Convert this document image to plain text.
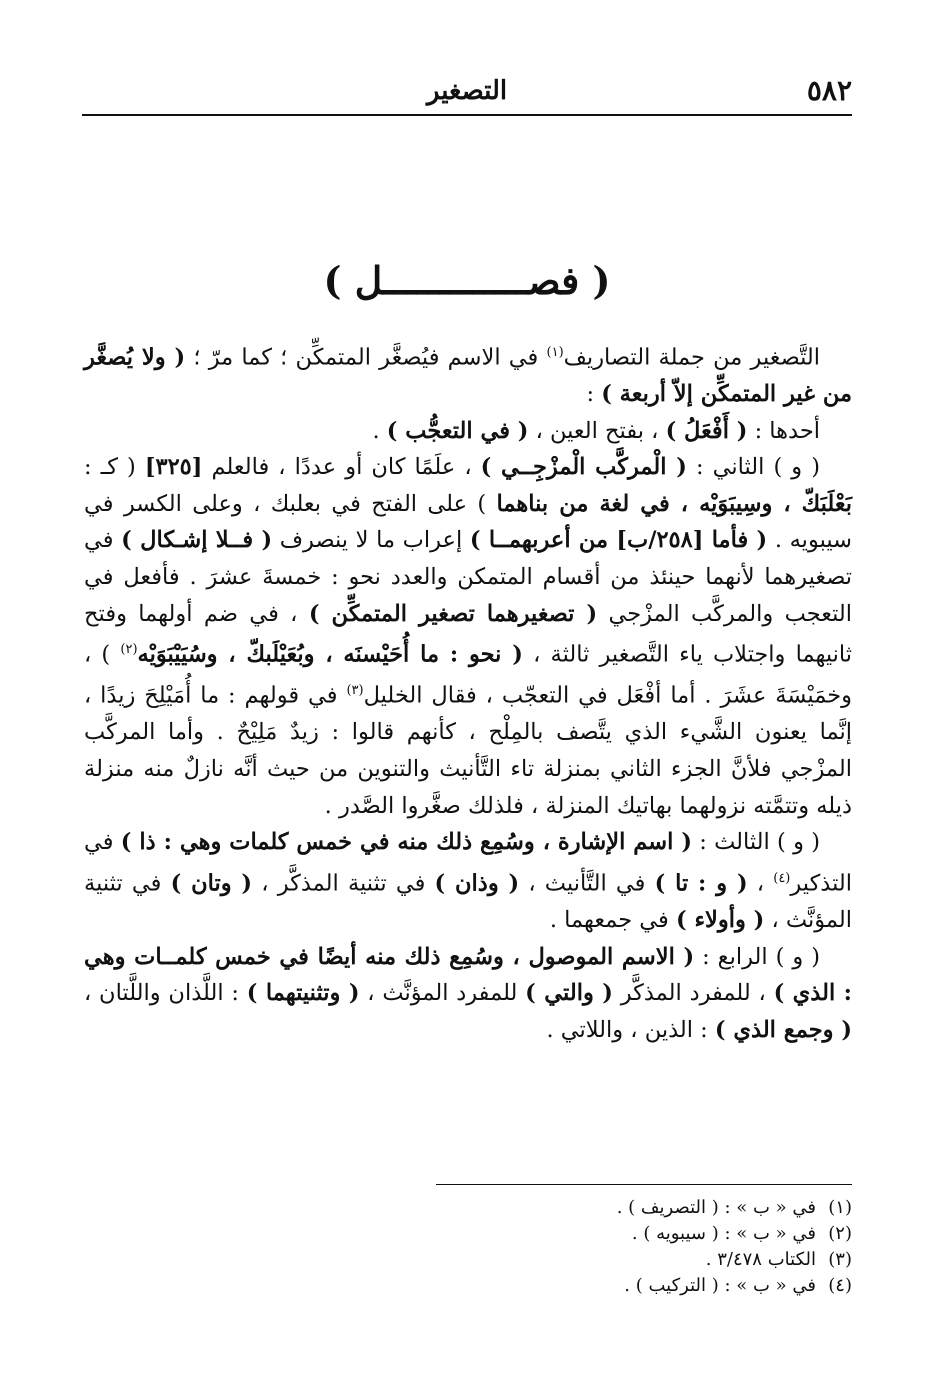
٥٨٢
التصغير
( فصـــــــــــــل )

التَّصغير من جملة التصاريف$^{(١)}$ في الاسم فيُصغَّر المتمكِّن ؛ كما مرّ ؛ ( ولا يُصغَّر من غير المتمكِّن إلاّ أربعة ) :

أحدها : ( أَفْعَلُ ) ، بفتح العين ، ( في التعجُّب ) .

( و ) الثاني : ( الْمركَّب الْمزْجِــي ) ، علَمًا كان أو عددًا ، فالعلم [٣٢٥] ( كـ : بَعْلَبَكّ ، وسِيبَوَيْه ، في لغة من بناهما ) على الفتح في بعلبك ، وعلى الكسر في سيبويه . ( فأما [٢٥٨/ب] من أعربهمــا ) إعراب ما لا ينصرف ( فــلا إشـكال ) في تصغيرهما لأنهما حينئذ من أقسام المتمكن والعدد نحو : خمسةَ عشرَ . فأفعل في التعجب والمركَّب المزْجي ( تصغيرهما تصغير المتمكِّن ) ، في ضم أولهما وفتح ثانيهما واجتلاب ياء التَّصغير ثالثة ، ( نحو : ما أُحَيْسنَه ، وبُعَيْلَبكّ ، وسُيَيْبَوَيْه$^{(٢)}$ ) ، وخمَيْسَةَ عشَرَ . أما أفْعَل في التعجّب ، فقال الخليل$^{(٣)}$ في قولهم : ما أُمَيْلِحَ زيدًا ، إنَّما يعنون الشَّيء الذي يتَّصف بالمِلْح ، كأنهم قالوا : زيدٌ مَلِيْحٌ . وأما المركَّب المزْجي فلأنَّ الجزء الثاني بمنزلة تاء التَّأنيث والتنوين من حيث أنَّه نازلٌ منه منزلة ذيله وتتمَّته نزولهما بهاتيك المنزلة ، فلذلك صغَّروا الصَّدر .

( و ) الثالث : ( اسم الإشارة ، وسُمِع ذلك منه في خمس كلمات وهي : ذا ) في التذكير$^{(٤)}$ ، ( و : تا ) في التَّأنيث ، ( وذان ) في تثنية المذكَّر ، ( وتان ) في تثنية المؤنَّث ، ( وأولاء ) في جمعهما .

( و ) الرابع : ( الاسم الموصول ، وسُمِع ذلك منه أيضًا في خمس كلمــات وهي : الذي ) ، للمفرد المذكَّر ( والتي ) للمفرد المؤنَّث ، ( وتثنيتهما ) : اللَّذان واللَّتان ، ( وجمع الذي ) : الذين ، واللاتي .

(١)
في « ب » : ( التصريف ) .
(٢)
في « ب » : ( سيبويه ) .
(٣)
الكتاب ٣/٤٧٨ .
(٤)
في « ب » : ( التركيب ) .
